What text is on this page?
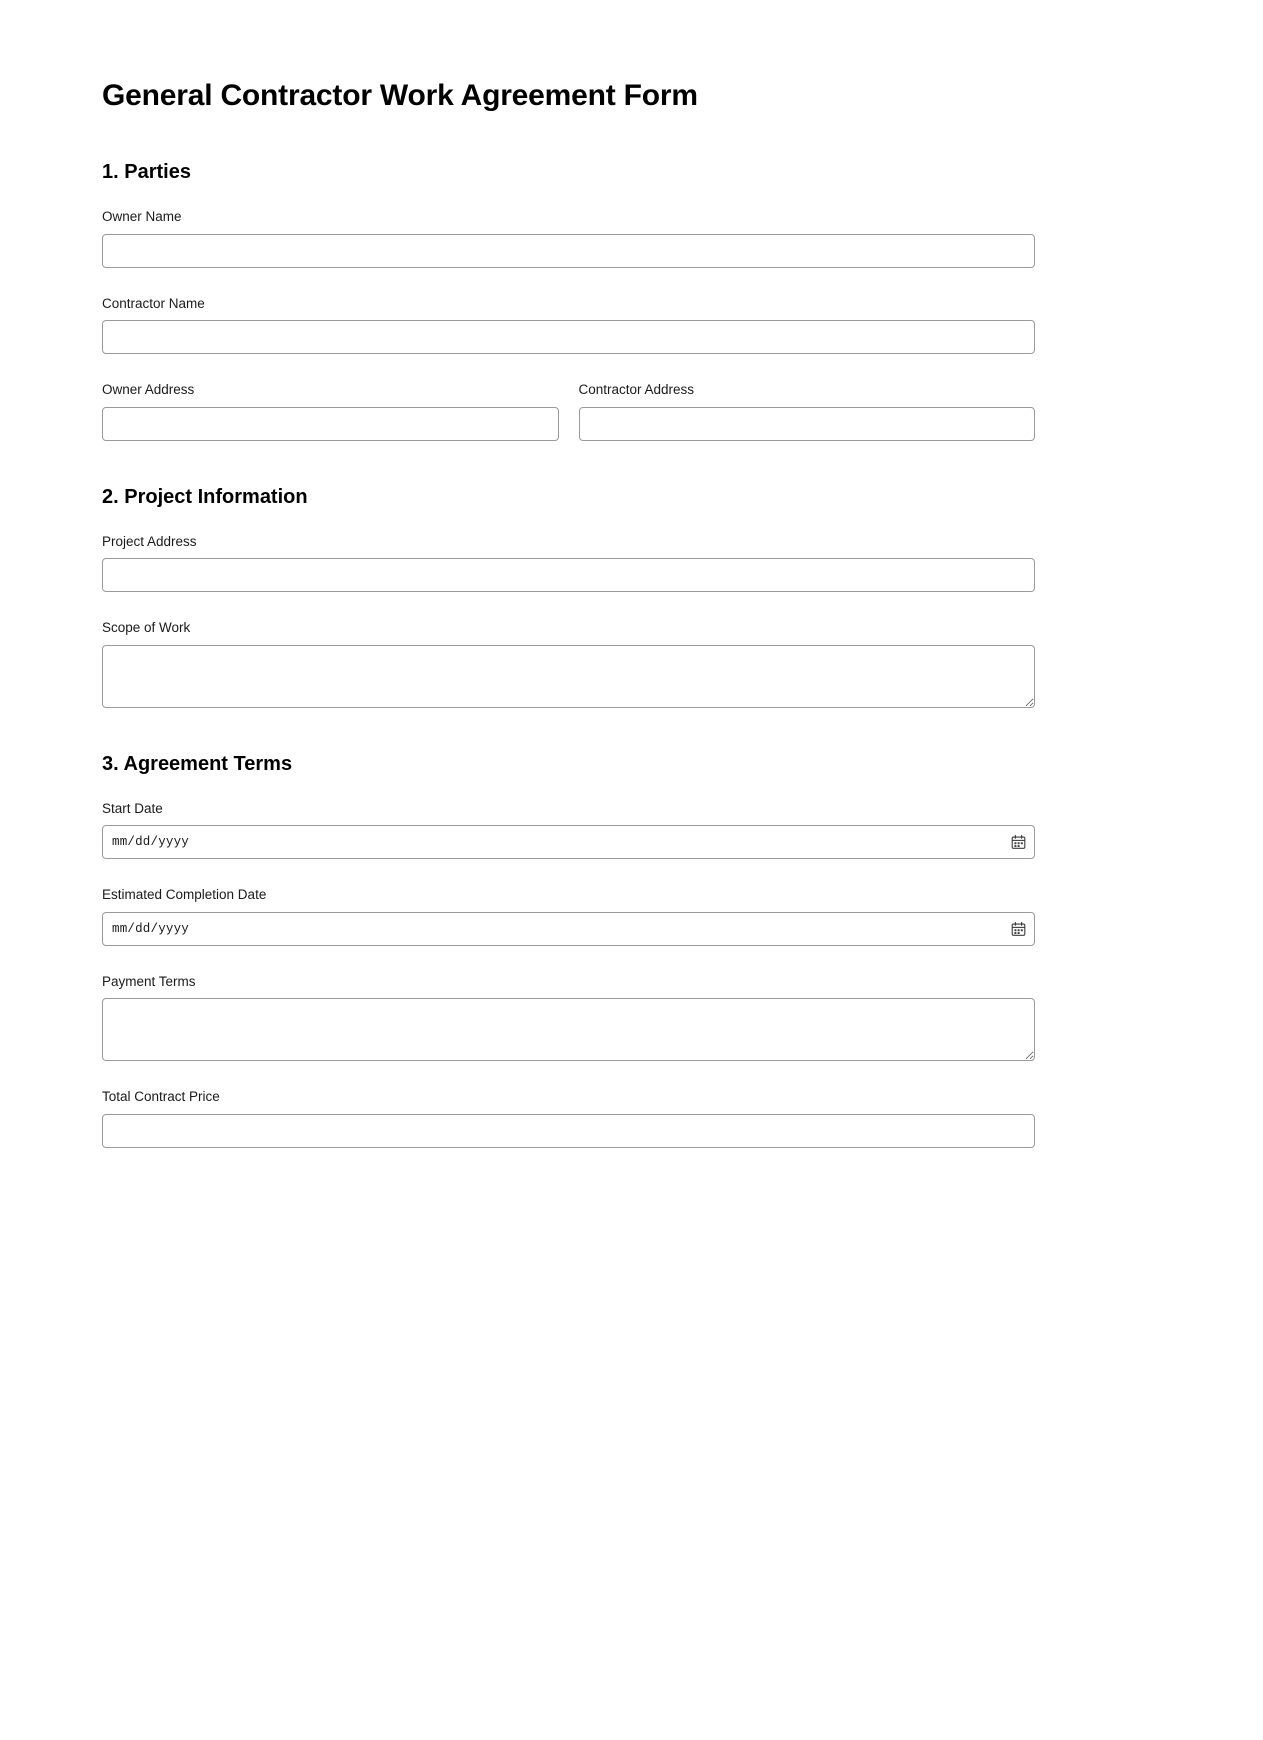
General Contractor Work Agreement Form
1. Parties
Owner Name
Contractor Name
Owner Address	Contractor Address
2. Project Information
Project Address
Scope of Work
3. Agreement Terms
Start Date
mm/dd/yyyy
Estimated Completion Date
mm/dd/yyyy
Payment Terms
Total Contract Price
